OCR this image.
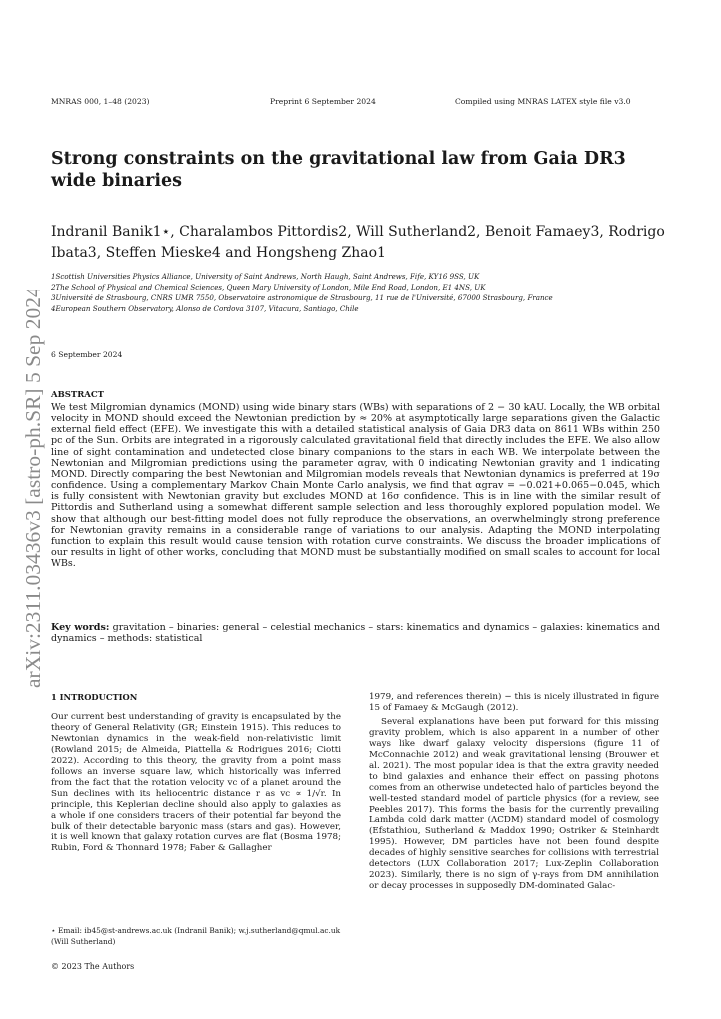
arXiv:2311.03436v3 [astro-ph.SR] 5 Sep 2024
MNRAS 000, 1–48 (2023)	Preprint 6 September 2024	Compiled using MNRAS LATEX style file v3.0
Strong constraints on the gravitational law from Gaia DR3 wide binaries
Indranil Banik1⋆, Charalambos Pittordis2, Will Sutherland2, Benoit Famaey3, Rodrigo Ibata3, Steffen Mieske4 and Hongsheng Zhao1
1Scottish Universities Physics Alliance, University of Saint Andrews, North Haugh, Saint Andrews, Fife, KY16 9SS, UK
2The School of Physical and Chemical Sciences, Queen Mary University of London, Mile End Road, London, E1 4NS, UK
3Université de Strasbourg, CNRS UMR 7550, Observatoire astronomique de Strasbourg, 11 rue de l'Université, 67000 Strasbourg, France
4European Southern Observatory, Alonso de Cordova 3107, Vitacura, Santiago, Chile
6 September 2024
ABSTRACT
We test Milgromian dynamics (MOND) using wide binary stars (WBs) with separations of 2 − 30 kAU. Locally, the WB orbital velocity in MOND should exceed the Newtonian prediction by ≈ 20% at asymptotically large separations given the Galactic external field effect (EFE). We investigate this with a detailed statistical analysis of Gaia DR3 data on 8611 WBs within 250 pc of the Sun. Orbits are integrated in a rigorously calculated gravitational field that directly includes the EFE. We also allow line of sight contamination and undetected close binary companions to the stars in each WB. We interpolate between the Newtonian and Milgromian predictions using the parameter αgrav, with 0 indicating Newtonian gravity and 1 indicating MOND. Directly comparing the best Newtonian and Milgromian models reveals that Newtonian dynamics is preferred at 19σ confidence. Using a complementary Markov Chain Monte Carlo analysis, we find that αgrav = −0.021+0.065−0.045, which is fully consistent with Newtonian gravity but excludes MOND at 16σ confidence. This is in line with the similar result of Pittordis and Sutherland using a somewhat different sample selection and less thoroughly explored population model. We show that although our best-fitting model does not fully reproduce the observations, an overwhelmingly strong preference for Newtonian gravity remains in a considerable range of variations to our analysis. Adapting the MOND interpolating function to explain this result would cause tension with rotation curve constraints. We discuss the broader implications of our results in light of other works, concluding that MOND must be substantially modified on small scales to account for local WBs.
Key words: gravitation – binaries: general – celestial mechanics – stars: kinematics and dynamics – galaxies: kinematics and dynamics – methods: statistical
1 INTRODUCTION
Our current best understanding of gravity is encapsulated by the theory of General Relativity (GR; Einstein 1915). This reduces to Newtonian dynamics in the weak-field non-relativistic limit (Rowland 2015; de Almeida, Piattella & Rodrigues 2016; Ciotti 2022). According to this theory, the gravity from a point mass follows an inverse square law, which historically was inferred from the fact that the rotation velocity vc of a planet around the Sun declines with its heliocentric distance r as vc ∝ 1/√r. In principle, this Keplerian decline should also apply to galaxies as a whole if one considers tracers of their potential far beyond the bulk of their detectable baryonic mass (stars and gas). However, it is well known that galaxy rotation curves are flat (Bosma 1978; Rubin, Ford & Thonnard 1978; Faber & Gallagher

1979, and references therein) − this is nicely illustrated in figure 15 of Famaey & McGaugh (2012).

Several explanations have been put forward for this missing gravity problem, which is also apparent in a number of other ways like dwarf galaxy velocity dispersions (figure 11 of McConnachie 2012) and weak gravitational lensing (Brouwer et al. 2021). The most popular idea is that the extra gravity needed to bind galaxies and enhance their effect on passing photons comes from an otherwise undetected halo of particles beyond the well-tested standard model of particle physics (for a review, see Peebles 2017). This forms the basis for the currently prevailing Lambda cold dark matter (ΛCDM) standard model of cosmology (Efstathiou, Sutherland & Maddox 1990; Ostriker & Steinhardt 1995). However, DM particles have not been found despite decades of highly sensitive searches for collisions with terrestrial detectors (LUX Collaboration 2017; Lux-Zeplin Collaboration 2023). Similarly, there is no sign of γ-rays from DM annihilation or decay processes in supposedly DM-dominated Galac-

⋆ Email: ib45@st-andrews.ac.uk (Indranil Banik); w.j.sutherland@qmul.ac.uk (Will Sutherland)
© 2023 The Authors
